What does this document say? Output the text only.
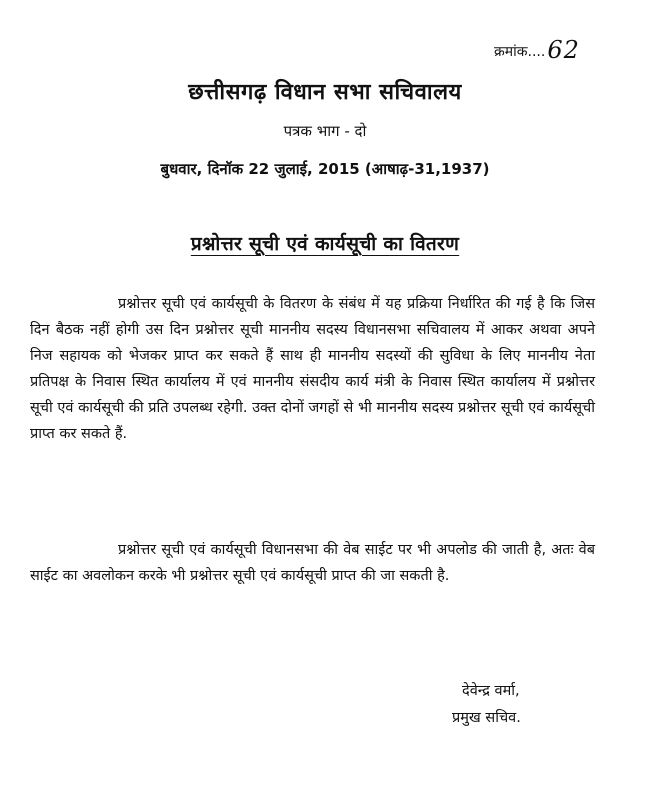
क्रमांक....62
छत्तीसगढ़ विधान सभा सचिवालय
पत्रक भाग - दो
बुधवार, दिनॉक 22 जुलाई, 2015 (आषाढ़-31,1937)
प्रश्नोत्तर सूची एवं कार्यसूची का वितरण

प्रश्नोत्तर सूची एवं कार्यसूची के वितरण के संबंध में यह प्रक्रिया निर्धारित की गई है कि जिस दिन बैठक नहीं होगी उस दिन प्रश्नोत्तर सूची माननीय सदस्य विधानसभा सचिवालय में आकर अथवा अपने निज सहायक को भेजकर प्राप्त कर सकते हैं साथ ही माननीय सदस्यों की सुविधा के लिए माननीय नेता प्रतिपक्ष के निवास स्थित कार्यालय में एवं माननीय संसदीय कार्य मंत्री के निवास स्थित कार्यालय में प्रश्नोत्तर सूची एवं कार्यसूची की प्रति उपलब्ध रहेगी. उक्त दोनों जगहों से भी माननीय सदस्य प्रश्नोत्तर सूची एवं कार्यसूची प्राप्त कर सकते हैं.

प्रश्नोत्तर सूची एवं कार्यसूची विधानसभा की वेब साईट पर भी अपलोड की जाती है, अतः वेब साईट का अवलोकन करके भी प्रश्नोत्तर सूची एवं कार्यसूची प्राप्त की जा सकती है.

देवेन्द्र वर्मा,
प्रमुख सचिव.
